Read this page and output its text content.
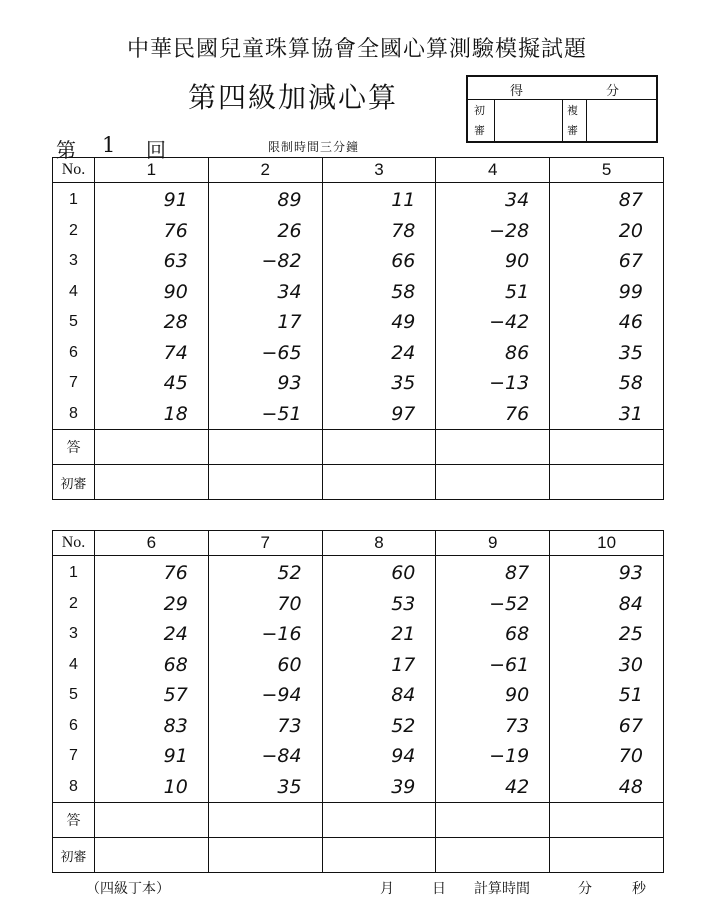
中華民國兒童珠算協會全國心算測驗模擬試題
第四級加減心算	得	分
初
審
複
審
第 1 回	限制時間三分鐘
No.	1	2	3	4	5
1	91	89	11	34	87
2	76	26	78	−28	20
3	63	−82	66	90	67
4	90	34	58	51	99
5	28	17	49	−42	46
6	74	−65	24	86	35
7	45	93	35	−13	58
8	18	−51	97	76	31
答					
初審					
No.	6	7	8	9	10
1	76	52	60	87	93
2	29	70	53	−52	84
3	24	−16	21	68	25
4	68	60	17	−61	30
5	57	−94	84	90	51
6	83	73	52	73	67
7	91	−84	94	−19	70
8	10	35	39	42	48
答					
初審					
（四級丁本）	月	日 計算時間	分	秒
